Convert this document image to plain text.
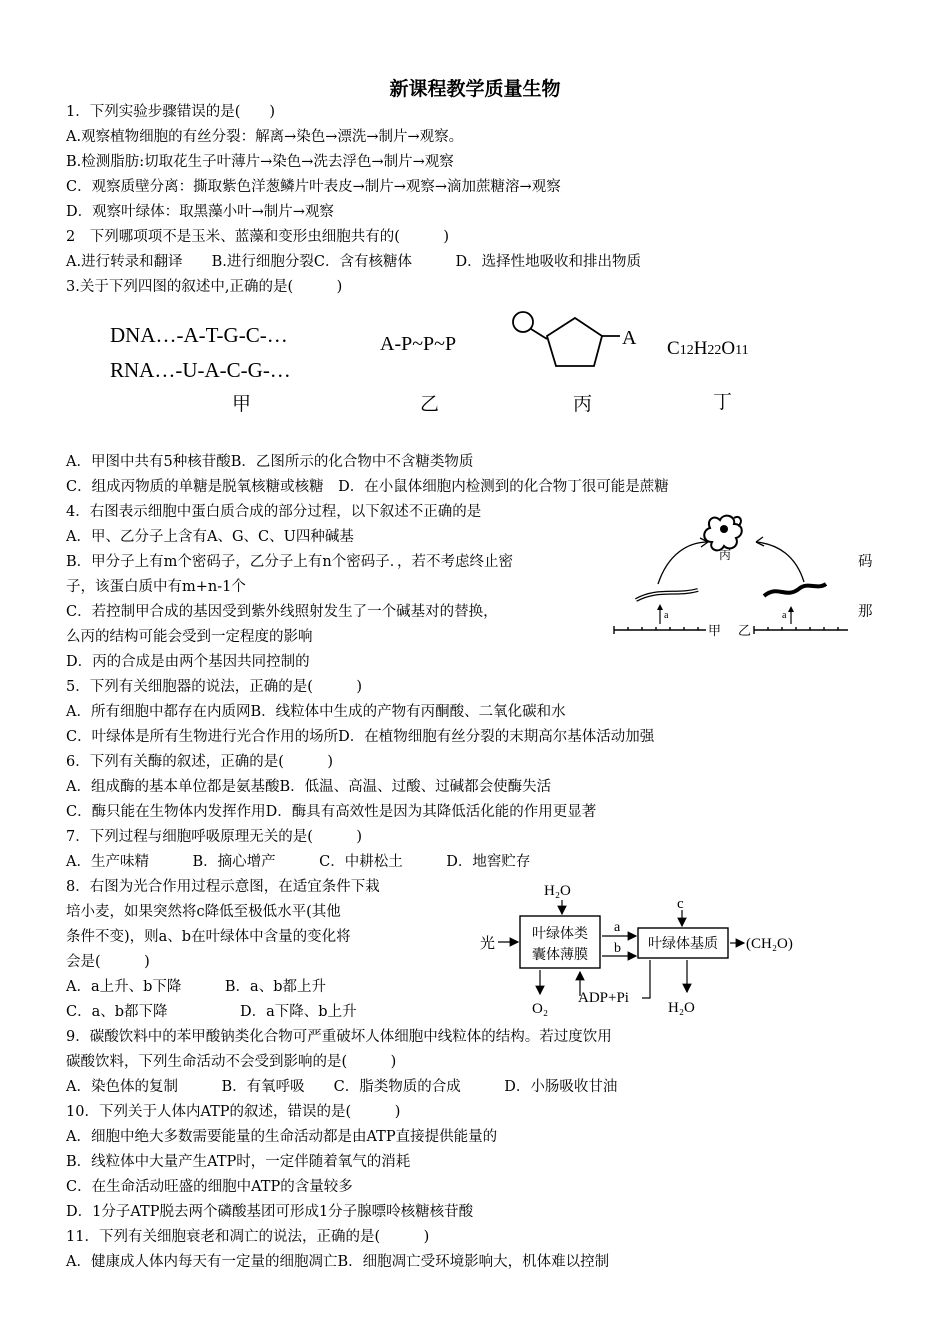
新课程教学质量生物
1．下列实验步骤错误的是(　　)
A.观察植物细胞的有丝分裂：解离→染色→漂洗→制片→观察。
B.检测脂肪:切取花生子叶薄片→染色→洗去浮色→制片→观察
C．观察质壁分离：撕取紫色洋葱鳞片叶表皮→制片→观察→滴加蔗糖溶→观察
D．观察叶绿体：取黑藻小叶→制片→观察
2　下列哪项项不是玉米、蓝藻和变形虫细胞共有的(　　　)
A.进行转录和翻译　　B.进行细胞分裂C．含有核糖体　　　D．选择性地吸收和排出物质
3.关于下列四图的叙述中,正确的是(　　　)
A．甲图中共有5种核苷酸B．乙图所示的化合物中不含糖类物质
C．组成丙物质的单糖是脱氧核糖或核糖　D．在小鼠体细胞内检测到的化合物丁很可能是蔗糖
4．右图表示细胞中蛋白质合成的部分过程，以下叙述不正确的是
A．甲、乙分子上含有A、G、C、U四种碱基
B．甲分子上有m个密码子，乙分子上有n个密码子．，若不考虑终止密
子，该蛋白质中有m+n-1个
C．若控制甲合成的基因受到紫外线照射发生了一个碱基对的替换，
么丙的结构可能会受到一定程度的影响
D．丙的合成是由两个基因共同控制的
5．下列有关细胞器的说法，正确的是(　　　)
A．所有细胞中都存在内质网B．线粒体中生成的产物有丙酮酸、二氧化碳和水
C．叶绿体是所有生物进行光合作用的场所D．在植物细胞有丝分裂的末期高尔基体活动加强
6．下列有关酶的叙述，正确的是(　　　)
A．组成酶的基本单位都是氨基酸B．低温、高温、过酸、过碱都会使酶失活
C．酶只能在生物体内发挥作用D．酶具有高效性是因为其降低活化能的作用更显著
7．下列过程与细胞呼吸原理无关的是(　　　)
A．生产味精　　　B．摘心增产　　　C．中耕松土　　　D．地窖贮存
8．右图为光合作用过程示意图，在适宜条件下栽
培小麦，如果突然将c降低至极低水平(其他
条件不变)，则a、b在叶绿体中含量的变化将
会是(　　　)
A．a上升、b下降　　　B．a、b都上升
C．a、b都下降　　　　　D．a下降、b上升
9．碳酸饮料中的苯甲酸钠类化合物可严重破坏人体细胞中线粒体的结构。若过度饮用
碳酸饮料，下列生命活动不会受到影响的是(　　　)
A．染色体的复制　　　B．有氧呼吸　　C．脂类物质的合成　　　D．小肠吸收甘油
10．下列关于人体内ATP的叙述，错误的是(　　　)
A．细胞中绝大多数需要能量的生命活动都是由ATP直接提供能量的
B．线粒体中大量产生ATP时，一定伴随着氧气的消耗
C．在生命活动旺盛的细胞中ATP的含量较多
D．1分子ATP脱去两个磷酸基团可形成1分子腺嘌呤核糖核苷酸
11．下列有关细胞衰老和凋亡的说法，正确的是(　　　)
A．健康成人体内每天有一定量的细胞凋亡B．细胞凋亡受环境影响大，机体难以控制
码
那
DNA…-A-T-G-C-…
RNA…-U-A-C-G-…
A-P~P~P	A C12H22O11
甲	乙	丙	丁
丙
a	a
甲 乙
H₂O
光
叶绿体类
囊体薄膜
a
b
c
叶绿体基质 (CH₂O)
O₂
ADP+Pi
H₂O
